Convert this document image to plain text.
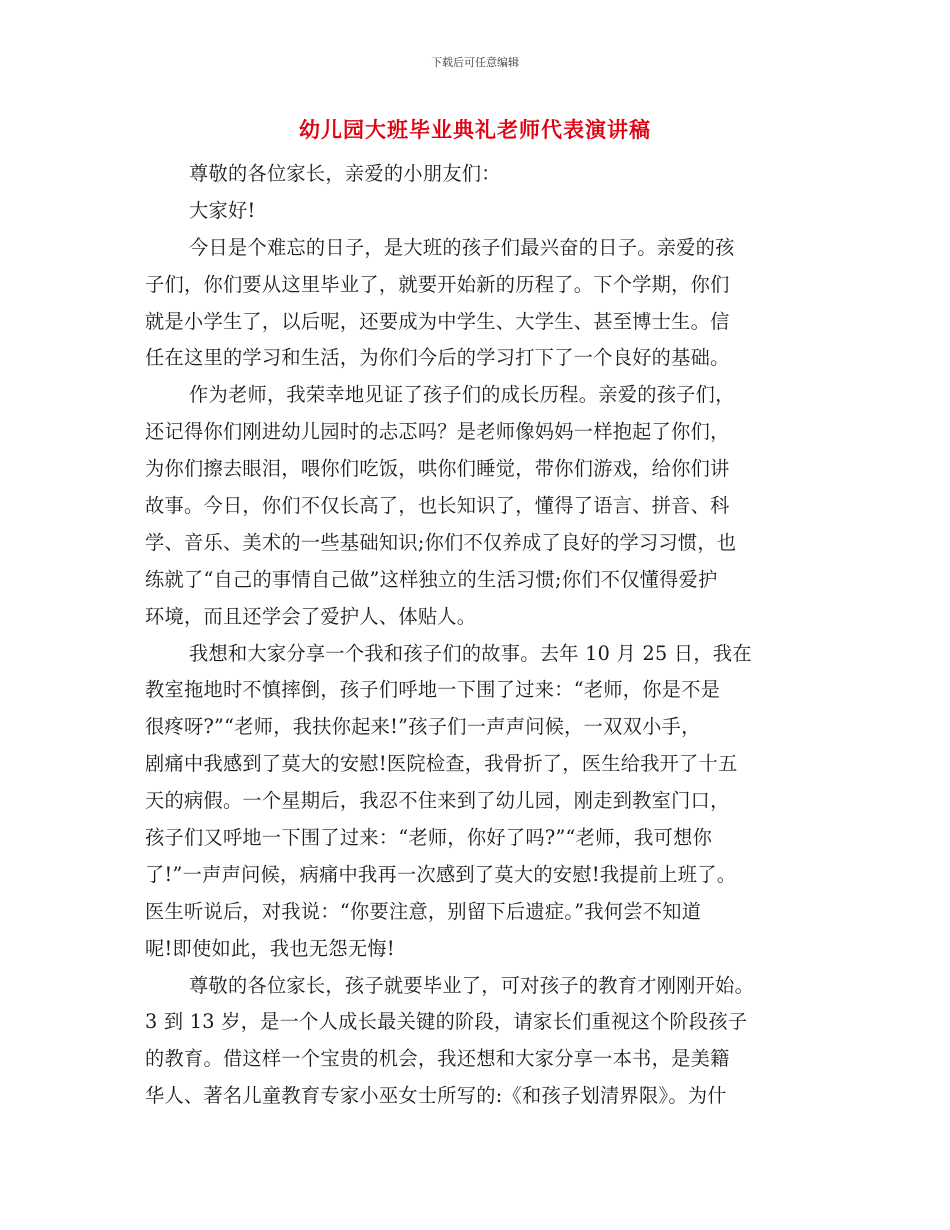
下载后可任意编辑
幼儿园大班毕业典礼老师代表演讲稿
尊敬的各位家长，亲爱的小朋友们：
大家好!
今日是个难忘的日子，是大班的孩子们最兴奋的日子。亲爱的孩
子们，你们要从这里毕业了，就要开始新的历程了。下个学期，你们
就是小学生了，以后呢，还要成为中学生、大学生、甚至博士生。信
任在这里的学习和生活，为你们今后的学习打下了一个良好的基础。
作为老师，我荣幸地见证了孩子们的成长历程。亲爱的孩子们，
还记得你们刚进幼儿园时的忐忑吗？是老师像妈妈一样抱起了你们，
为你们擦去眼泪，喂你们吃饭，哄你们睡觉，带你们游戏，给你们讲
故事。今日，你们不仅长高了，也长知识了，懂得了语言、拼音、科
学、音乐、美术的一些基础知识;你们不仅养成了良好的学习习惯，也
练就了“自己的事情自己做”这样独立的生活习惯;你们不仅懂得爱护
环境，而且还学会了爱护人、体贴人。
我想和大家分享一个我和孩子们的故事。去年 10 月 25 日，我在
教室拖地时不慎摔倒，孩子们呼地一下围了过来：“老师，你是不是
很疼呀?”“老师，我扶你起来!”孩子们一声声问候，一双双小手，
剧痛中我感到了莫大的安慰!医院检查，我骨折了，医生给我开了十五
天的病假。一个星期后，我忍不住来到了幼儿园，刚走到教室门口，
孩子们又呼地一下围了过来：“老师，你好了吗?”“老师，我可想你
了!”一声声问候，病痛中我再一次感到了莫大的安慰!我提前上班了。
医生听说后，对我说：“你要注意，别留下后遗症。”我何尝不知道
呢!即使如此，我也无怨无悔!
尊敬的各位家长，孩子就要毕业了，可对孩子的教育才刚刚开始。
3 到 13 岁，是一个人成长最关键的阶段，请家长们重视这个阶段孩子
的教育。借这样一个宝贵的机会，我还想和大家分享一本书，是美籍
华人、著名儿童教育专家小巫女士所写的:《和孩子划清界限》。为什
